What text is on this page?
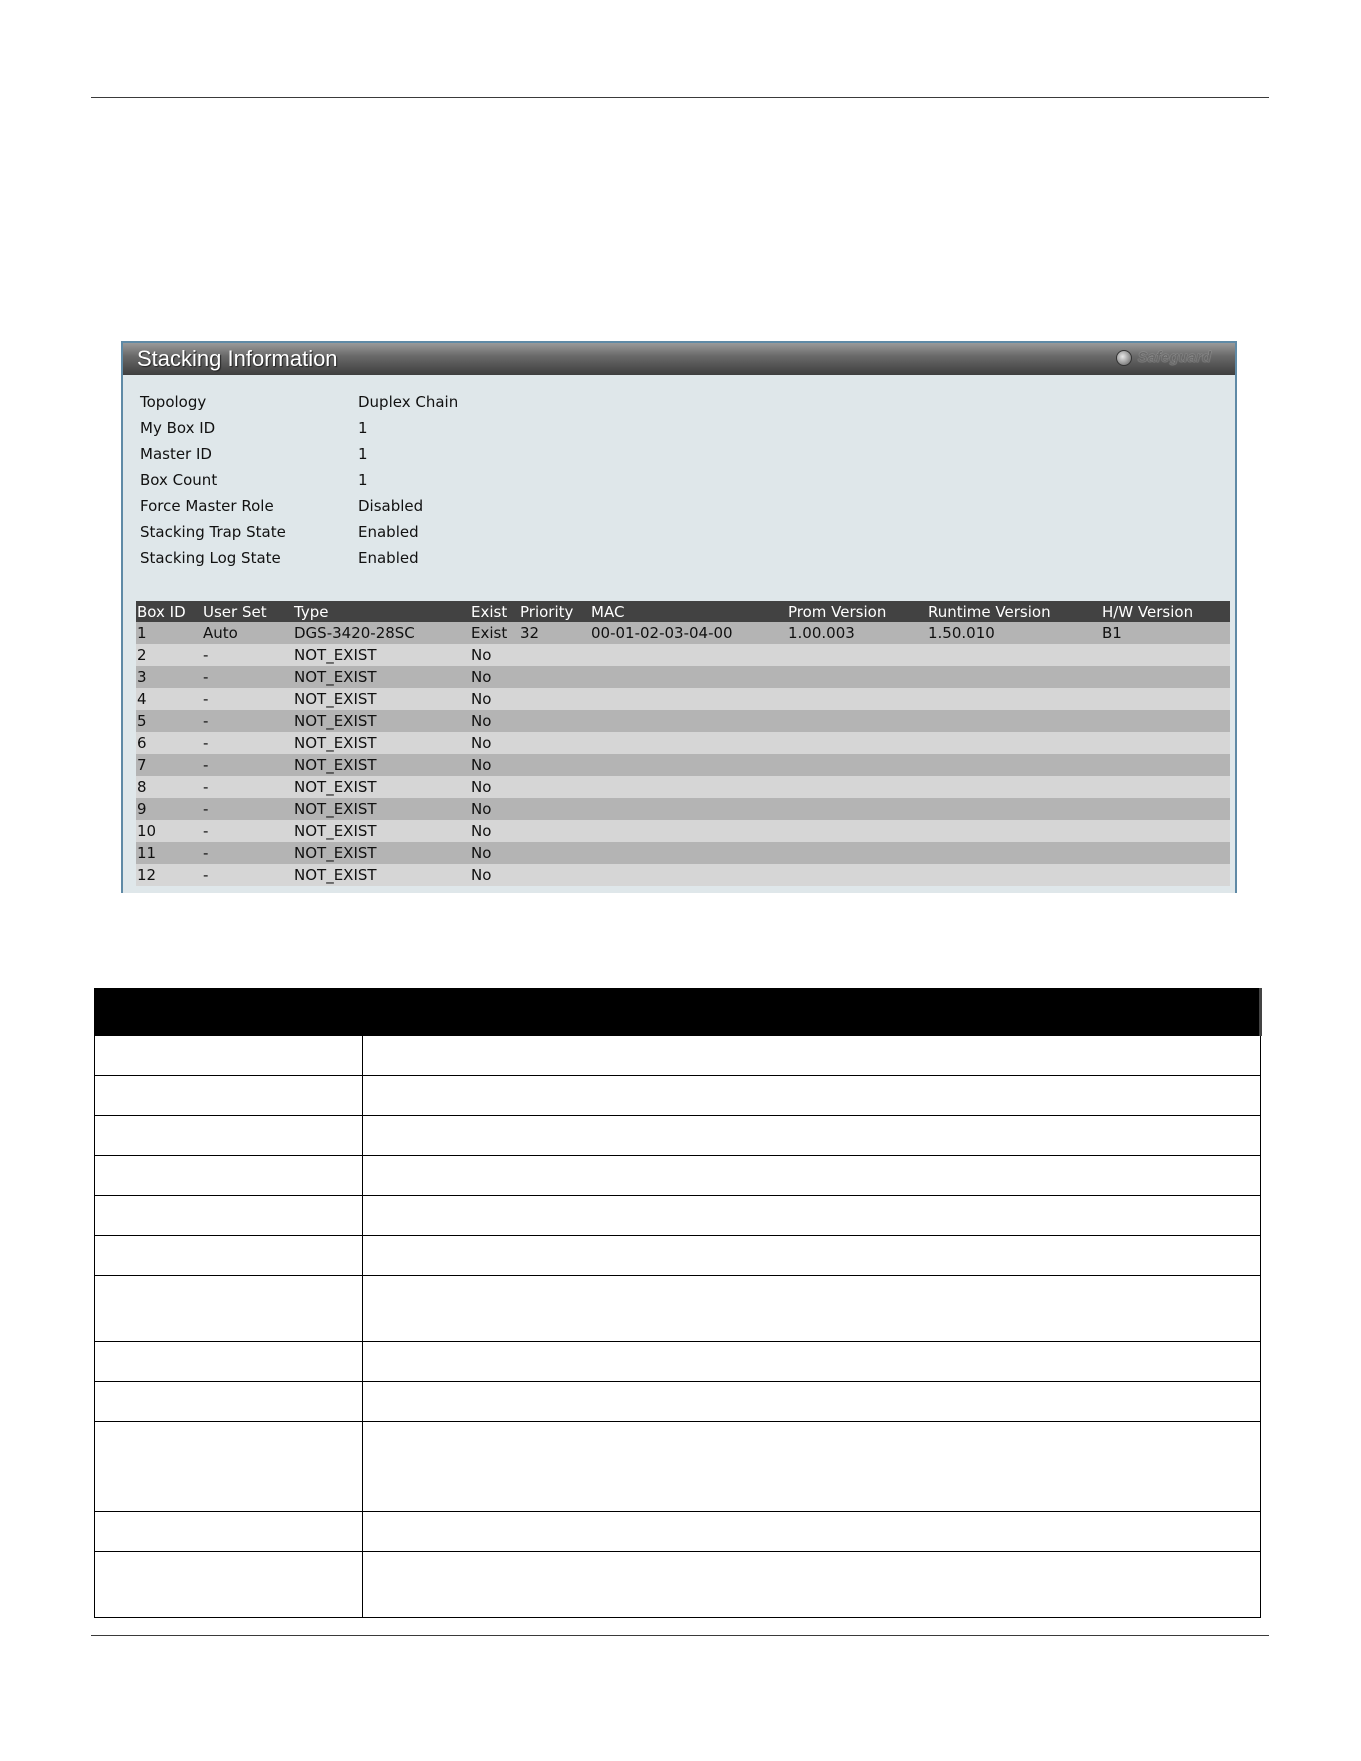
Stacking Information	Safeguard
Topology	Duplex Chain
My Box ID	1
Master ID	1
Box Count	1
Force Master Role	Disabled
Stacking Trap State	Enabled
Stacking Log State	Enabled
Box ID	User Set	Type	Exist	Priority	MAC	Prom Version	Runtime Version	H/W Version
1	Auto	DGS-3420-28SC	Exist	32	00-01-02-03-04-00	1.00.003	1.50.010	B1
2	-	NOT_EXIST	No					
3	-	NOT_EXIST	No					
4	-	NOT_EXIST	No					
5	-	NOT_EXIST	No					
6	-	NOT_EXIST	No					
7	-	NOT_EXIST	No					
8	-	NOT_EXIST	No					
9	-	NOT_EXIST	No					
10	-	NOT_EXIST	No					
11	-	NOT_EXIST	No					
12	-	NOT_EXIST	No					
